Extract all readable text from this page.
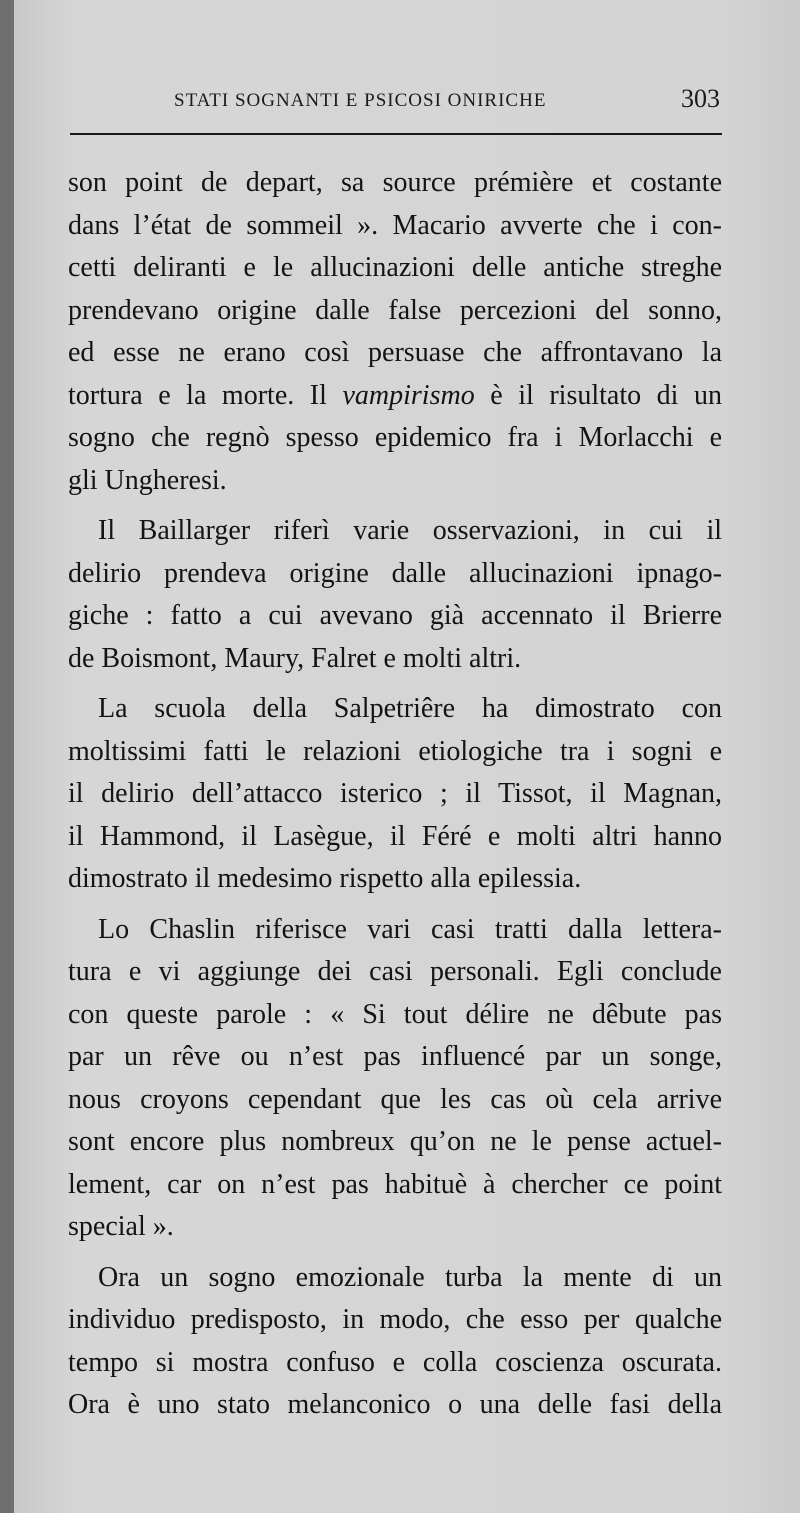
STATI SOGNANTI E PSICOSI ONIRICHE	303
son point de depart, sa source prémière et costante
dans l’état de sommeil ». Macario avverte che i con-
cetti deliranti e le allucinazioni delle antiche streghe
prendevano origine dalle false percezioni del sonno,
ed esse ne erano così persuase che affrontavano la
tortura e la morte. Il vampirismo è il risultato di un
sogno che regnò spesso epidemico fra i Morlacchi e
gli Ungheresi.
Il Baillarger riferì varie osservazioni, in cui il
delirio prendeva origine dalle allucinazioni ipnago-
giche : fatto a cui avevano già accennato il Brierre
de Boismont, Maury, Falret e molti altri.
La scuola della Salpetriêre ha dimostrato con
moltissimi fatti le relazioni etiologiche tra i sogni e
il delirio dell’attacco isterico ; il Tissot, il Magnan,
il Hammond, il Lasègue, il Féré e molti altri hanno
dimostrato il medesimo rispetto alla epilessia.
Lo Chaslin riferisce vari casi tratti dalla lettera-
tura e vi aggiunge dei casi personali. Egli conclude
con queste parole : « Si tout délire ne dêbute pas
par un rêve ou n’est pas influencé par un songe,
nous croyons cependant que les cas où cela arrive
sont encore plus nombreux qu’on ne le pense actuel-
lement, car on n’est pas habituè à chercher ce point
special ».
Ora un sogno emozionale turba la mente di un
individuo predisposto, in modo, che esso per qualche
tempo si mostra confuso e colla coscienza oscurata.
Ora è uno stato melanconico o una delle fasi della
